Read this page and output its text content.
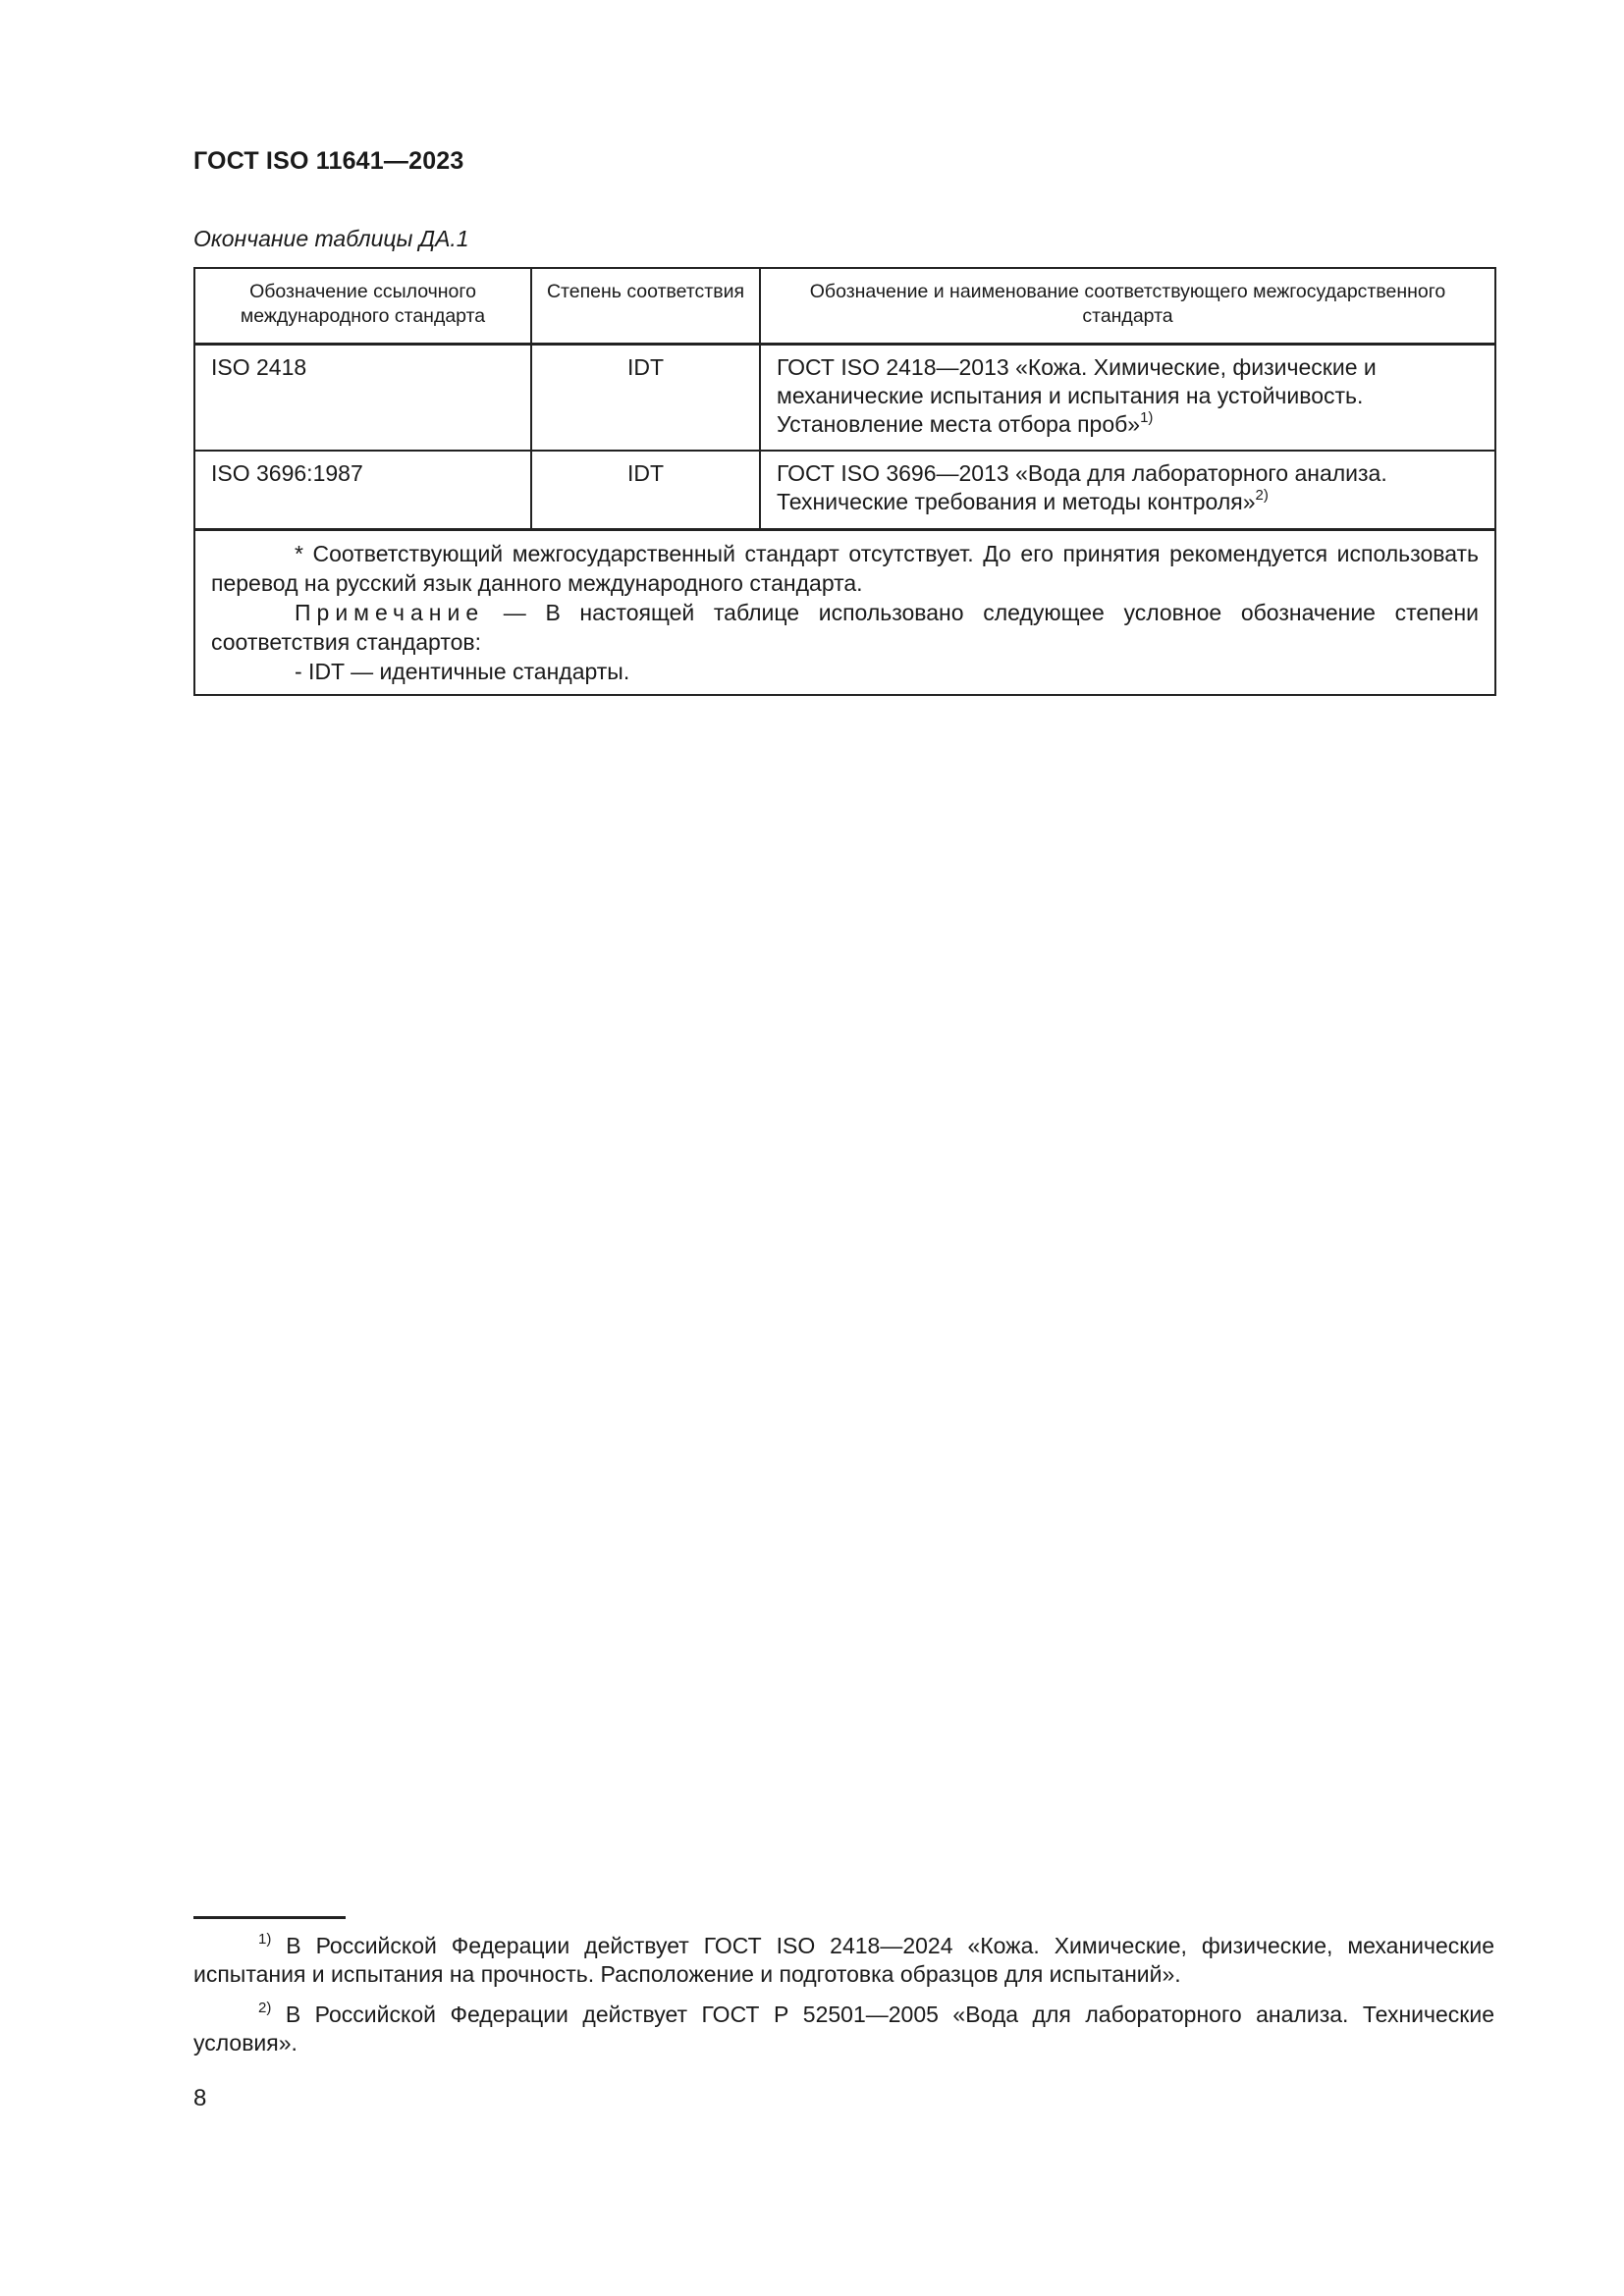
ГОСТ ISO 11641—2023
Окончание таблицы ДА.1
Обозначение ссылочного международного стандарта	Степень соответствия	Обозначение и наименование соответствующего межгосударственного стандарта
ISO 2418	IDT	ГОСТ ISO 2418—2013 «Кожа. Химические, физические и механические испытания и испытания на устойчивость. Установление места отбора проб»$^{1)}$
ISO 3696:1987	IDT	ГОСТ ISO 3696—2013 «Вода для лабораторного анализа. Технические требования и методы контроля»$^{2)}$

* Соответствующий межгосударственный стандарт отсутствует. До его принятия рекомендуется использовать перевод на русский язык данного международного стандарта.

Примечание — В настоящей таблице использовано следующее условное обозначение степени соответствия стандартов:

- IDT — идентичные стандарты.		

$^{1)}$ В Российской Федерации действует ГОСТ ISO 2418—2024 «Кожа. Химические, физические, механические испытания и испытания на прочность. Расположение и подготовка образцов для испытаний».

$^{2)}$ В Российской Федерации действует ГОСТ Р 52501—2005 «Вода для лабораторного анализа. Технические условия».

8
